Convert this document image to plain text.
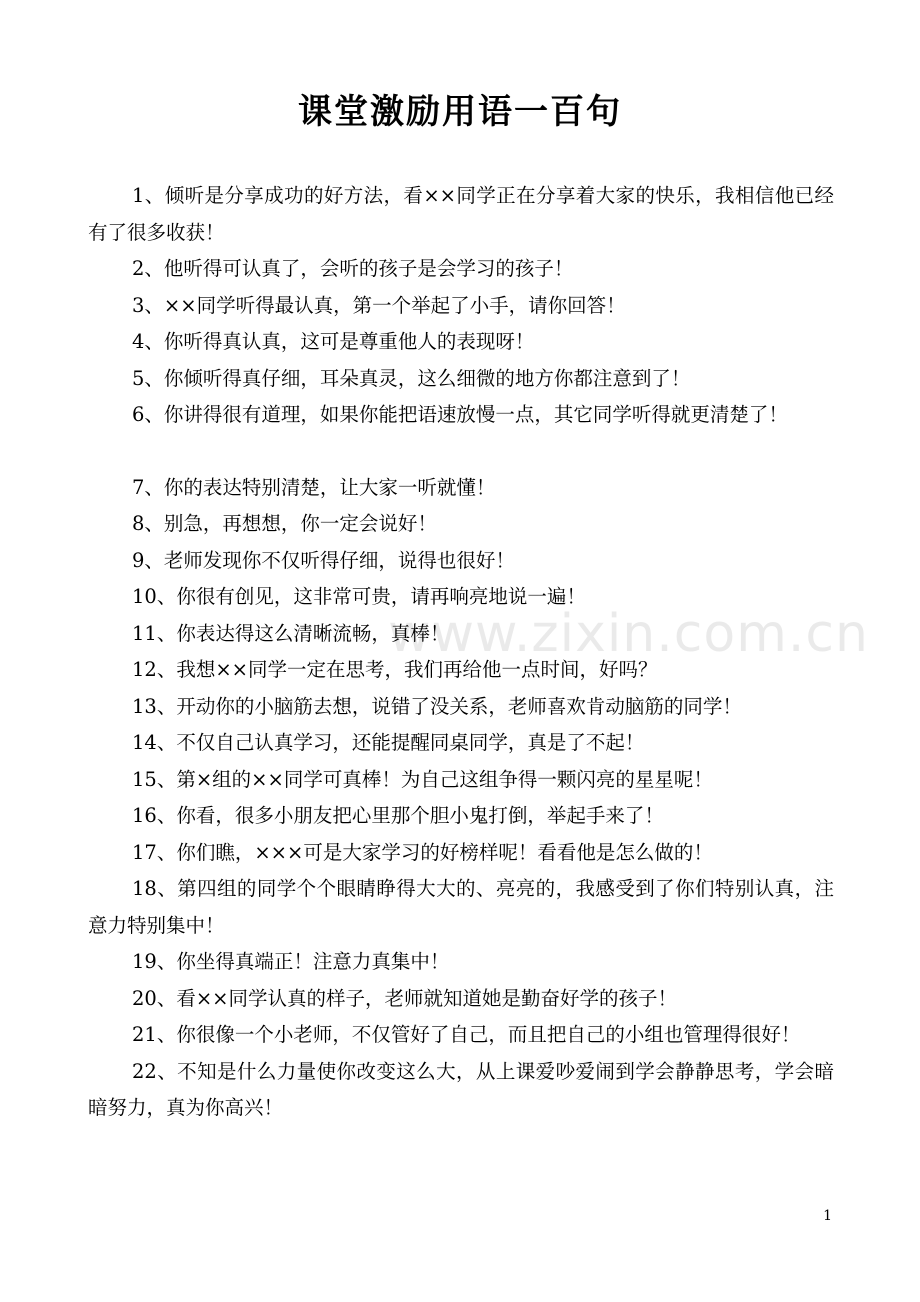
课堂激励用语一百句
www.zixin.com.cn

1、倾听是分享成功的好方法，看××同学正在分享着大家的快乐，我相信他已经有了很多收获！

2、他听得可认真了，会听的孩子是会学习的孩子！

3、××同学听得最认真，第一个举起了小手，请你回答！

4、你听得真认真，这可是尊重他人的表现呀！

5、你倾听得真仔细，耳朵真灵，这么细微的地方你都注意到了！

6、你讲得很有道理，如果你能把语速放慢一点，其它同学听得就更清楚了！

7、你的表达特别清楚，让大家一听就懂！

8、别急，再想想，你一定会说好！

9、老师发现你不仅听得仔细，说得也很好！

10、你很有创见，这非常可贵，请再响亮地说一遍！

11、你表达得这么清晰流畅，真棒！

12、我想××同学一定在思考，我们再给他一点时间，好吗？

13、开动你的小脑筋去想，说错了没关系，老师喜欢肯动脑筋的同学！

14、不仅自己认真学习，还能提醒同桌同学，真是了不起！

15、第×组的××同学可真棒！为自己这组争得一颗闪亮的星星呢！

16、你看，很多小朋友把心里那个胆小鬼打倒，举起手来了！

17、你们瞧，×××可是大家学习的好榜样呢！看看他是怎么做的！

18、第四组的同学个个眼睛睁得大大的、亮亮的，我感受到了你们特别认真，注意力特别集中！

19、你坐得真端正！注意力真集中！

20、看××同学认真的样子，老师就知道她是勤奋好学的孩子！

21、你很像一个小老师，不仅管好了自己，而且把自己的小组也管理得很好！

22、不知是什么力量使你改变这么大，从上课爱吵爱闹到学会静静思考，学会暗暗努力，真为你高兴！

1
